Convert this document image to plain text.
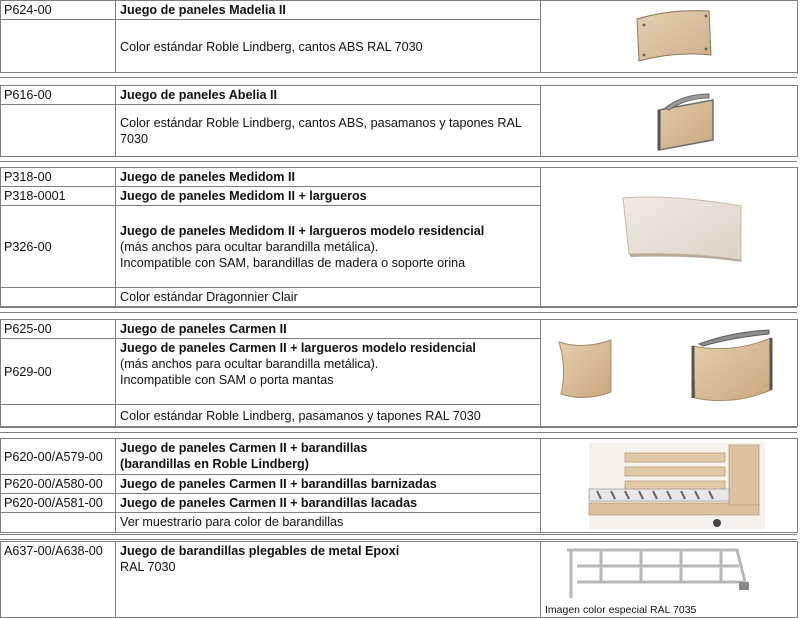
P624-00	Juego de paneles Madelia II	

	Color estándar Roble Lindberg, cantos ABS RAL 7030	
P616-00	Juego de paneles Abelia II	

	Color estándar Roble Lindberg, cantos ABS, pasamanos y tapones RAL 7030	
P318-00	Juego de paneles Medidom II	

P318-0001	Juego de paneles Medidom II + largueros	
P326-00	Juego de paneles Medidom II + largueros modelo residencial
(más anchos para ocultar barandilla metálica).
Incompatible con SAM, barandillas de madera o soporte orina	

	Color estándar Dragonnier Clair	
P625-00	Juego de paneles Carmen II	

P629-00	Juego de paneles Carmen II + largueros modelo residencial
(más anchos para ocultar barandilla metálica).
Incompatible con SAM o porta mantas	

	Color estándar Roble Lindberg, pasamanos y tapones RAL 7030	
P620-00/A579-00	Juego de paneles Carmen II + barandillas
(barandillas en Roble Lindberg)

P620-00/A580-00	Juego de paneles Carmen II + barandillas barnizadas	
P620-00/A581-00	Juego de paneles Carmen II + barandillas lacadas	
	Ver muestrario para color de barandillas	
A637-00/A638-00	Juego de barandillas plegables de metal Epoxi
RAL 7030

Imagen color especial RAL 7035
